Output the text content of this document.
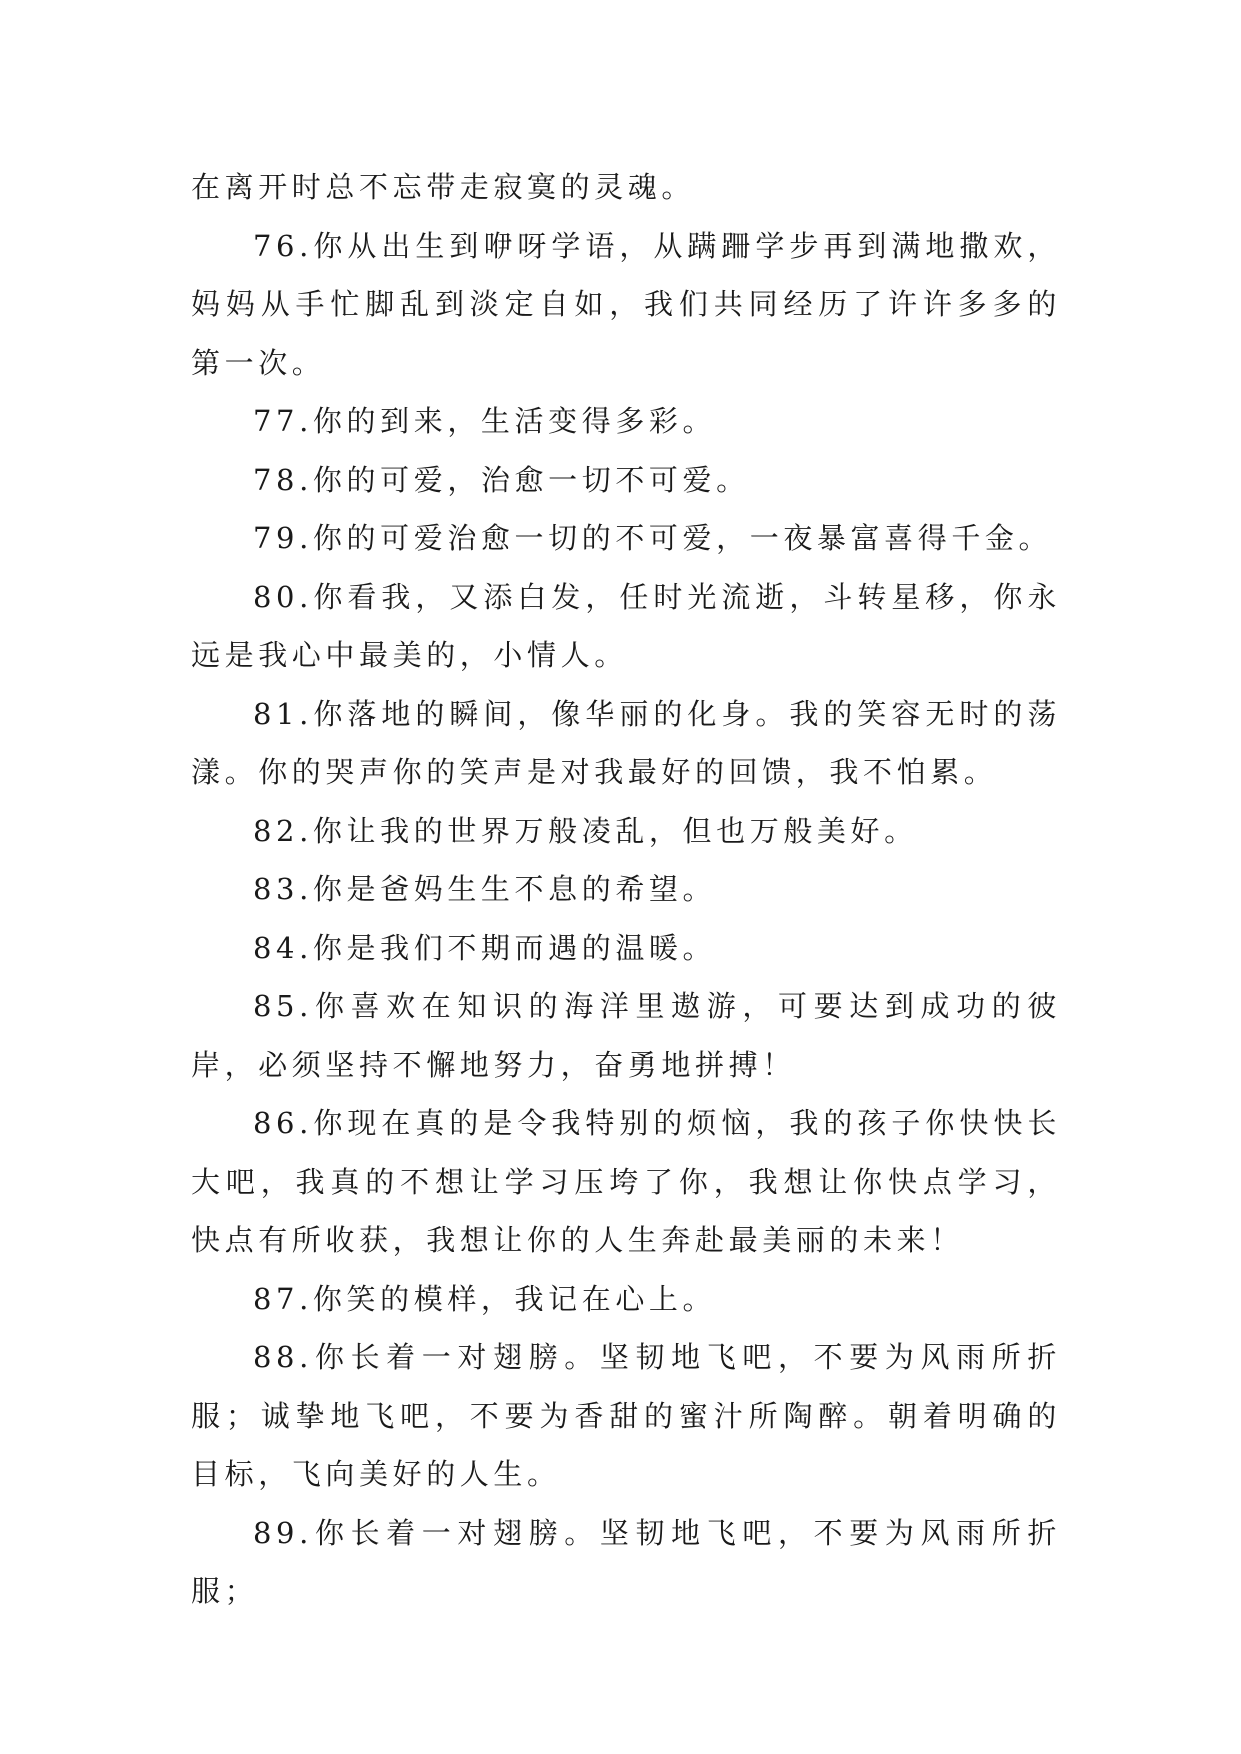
在离开时总不忘带走寂寞的灵魂。

76.你从出生到咿呀学语，从蹒跚学步再到满地撒欢，妈妈从手忙脚乱到淡定自如，我们共同经历了许许多多的第一次。

77.你的到来，生活变得多彩。

78.你的可爱，治愈一切不可爱。

79.你的可爱治愈一切的不可爱，一夜暴富喜得千金。

80.你看我，又添白发，任时光流逝，斗转星移，你永远是我心中最美的，小情人。

81.你落地的瞬间，像华丽的化身。我的笑容无时的荡漾。你的哭声你的笑声是对我最好的回馈，我不怕累。

82.你让我的世界万般凌乱，但也万般美好。

83.你是爸妈生生不息的希望。

84.你是我们不期而遇的温暖。

85.你喜欢在知识的海洋里遨游，可要达到成功的彼岸，必须坚持不懈地努力，奋勇地拼搏！

86.你现在真的是令我特别的烦恼，我的孩子你快快长大吧，我真的不想让学习压垮了你，我想让你快点学习，快点有所收获，我想让你的人生奔赴最美丽的未来！

87.你笑的模样，我记在心上。

88.你长着一对翅膀。坚韧地飞吧，不要为风雨所折服；诚挚地飞吧，不要为香甜的蜜汁所陶醉。朝着明确的目标，飞向美好的人生。

89.你长着一对翅膀。坚韧地飞吧，不要为风雨所折服；
